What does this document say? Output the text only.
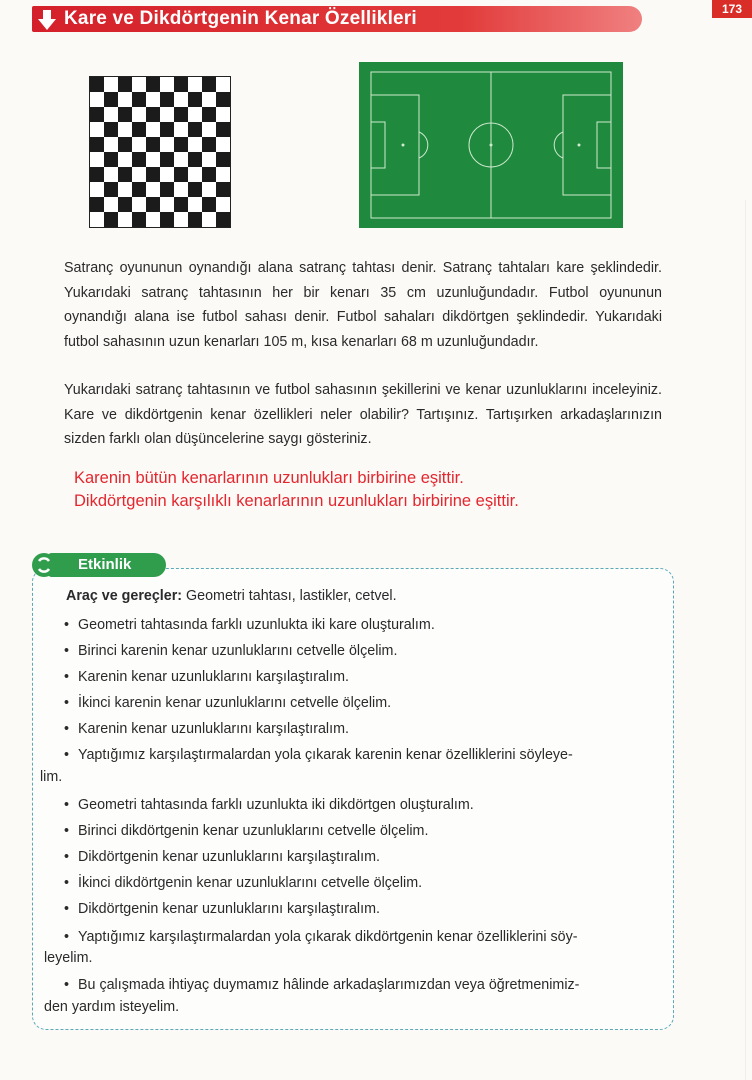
173
Kare ve Dikdörtgenin Kenar Özellikleri

Satranç oyununun oynandığı alana satranç tahtası denir. Satranç tahtaları kare şeklindedir. Yukarıdaki satranç tahtasının her bir kenarı 35 cm uzunluğundadır. Futbol oyununun oynandığı alana ise futbol sahası denir. Futbol sahaları dikdörtgen şeklindedir. Yukarıdaki futbol sahasının uzun kenarları 105 m, kısa kenarları 68 m uzunluğundadır.

Yukarıdaki satranç tahtasının ve futbol sahasının şekillerini ve kenar uzunluklarını inceleyiniz. Kare ve dikdörtgenin kenar özellikleri neler olabilir? Tartışınız. Tartışırken arkadaşlarınızın sizden farklı olan düşüncelerine saygı gösteriniz.

Karenin bütün kenarlarının uzunlukları birbirine eşittir.
Dikdörtgenin karşılıklı kenarlarının uzunlukları birbirine eşittir.
Etkinlik
Araç ve gereçler: Geometri tahtası, lastikler, cetvel.
• Geometri tahtasında farklı uzunlukta iki kare oluşturalım.
• Birinci karenin kenar uzunluklarını cetvelle ölçelim.
• Karenin kenar uzunluklarını karşılaştıralım.
• İkinci karenin kenar uzunluklarını cetvelle ölçelim.
• Karenin kenar uzunluklarını karşılaştıralım.
• Yaptığımız karşılaştırmalardan yola çıkarak karenin kenar özelliklerini söyleye-
lim.
• Geometri tahtasında farklı uzunlukta iki dikdörtgen oluşturalım.
• Birinci dikdörtgenin kenar uzunluklarını cetvelle ölçelim.
• Dikdörtgenin kenar uzunluklarını karşılaştıralım.
• İkinci dikdörtgenin kenar uzunluklarını cetvelle ölçelim.
• Dikdörtgenin kenar uzunluklarını karşılaştıralım.
• Yaptığımız karşılaştırmalardan yola çıkarak dikdörtgenin kenar özelliklerini söy-
leyelim.
• Bu çalışmada ihtiyaç duymamız hâlinde arkadaşlarımızdan veya öğretmenimiz-
den yardım isteyelim.
